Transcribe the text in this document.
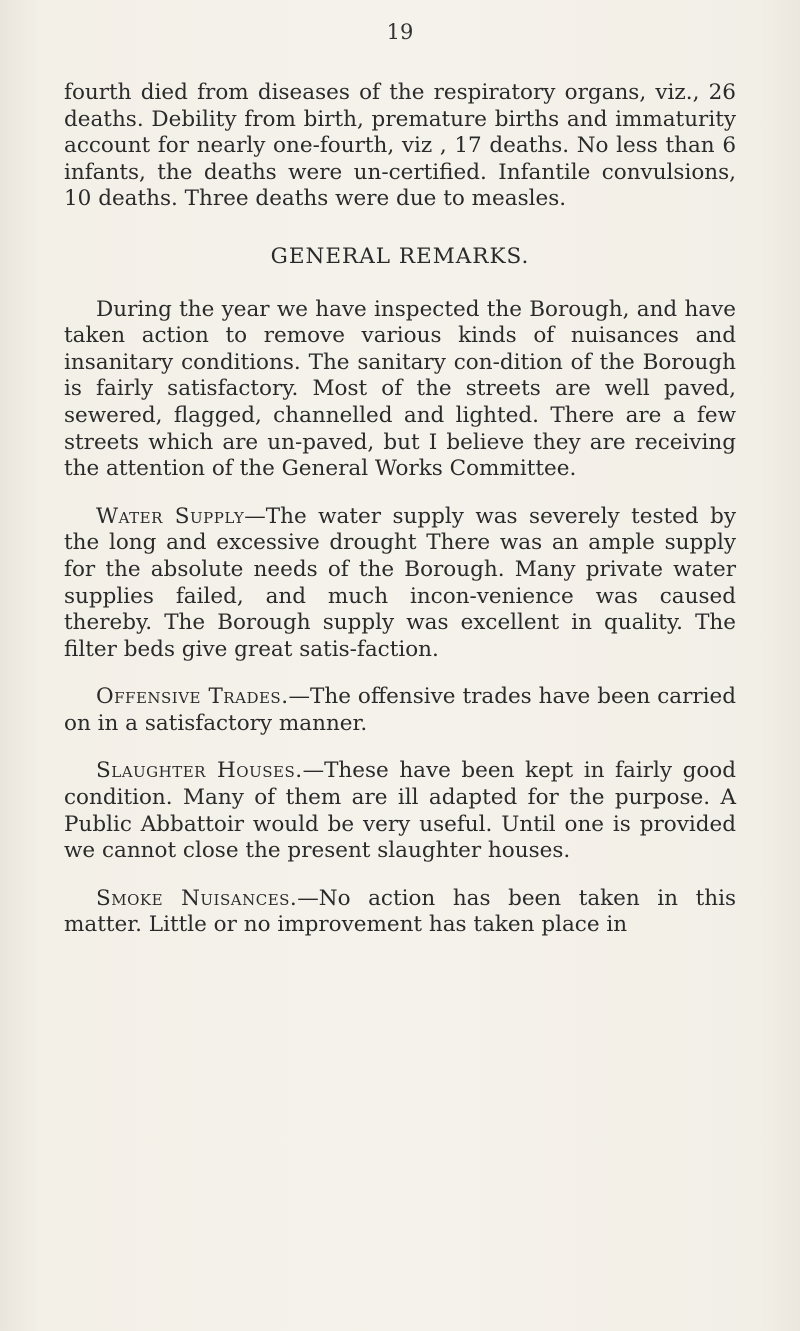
19

fourth died from diseases of the respiratory organs, viz., 26 deaths. Debility from birth, premature births and immaturity account for nearly one-fourth, viz , 17 deaths. No less than 6 infants, the deaths were un-certified. Infantile convulsions, 10 deaths. Three deaths were due to measles.

GENERAL REMARKS.

During the year we have inspected the Borough, and have taken action to remove various kinds of nuisances and insanitary conditions. The sanitary con-dition of the Borough is fairly satisfactory. Most of the streets are well paved, sewered, flagged, channelled and lighted. There are a few streets which are un-paved, but I believe they are receiving the attention of the General Works Committee.

Water Supply—The water supply was severely tested by the long and excessive drought There was an ample supply for the absolute needs of the Borough. Many private water supplies failed, and much incon-venience was caused thereby. The Borough supply was excellent in quality. The filter beds give great satis-faction.

Offensive Trades.—The offensive trades have been carried on in a satisfactory manner.

Slaughter Houses.—These have been kept in fairly good condition. Many of them are ill adapted for the purpose. A Public Abbattoir would be very useful. Until one is provided we cannot close the present slaughter houses.

Smoke Nuisances.—No action has been taken in this matter. Little or no improvement has taken place in
